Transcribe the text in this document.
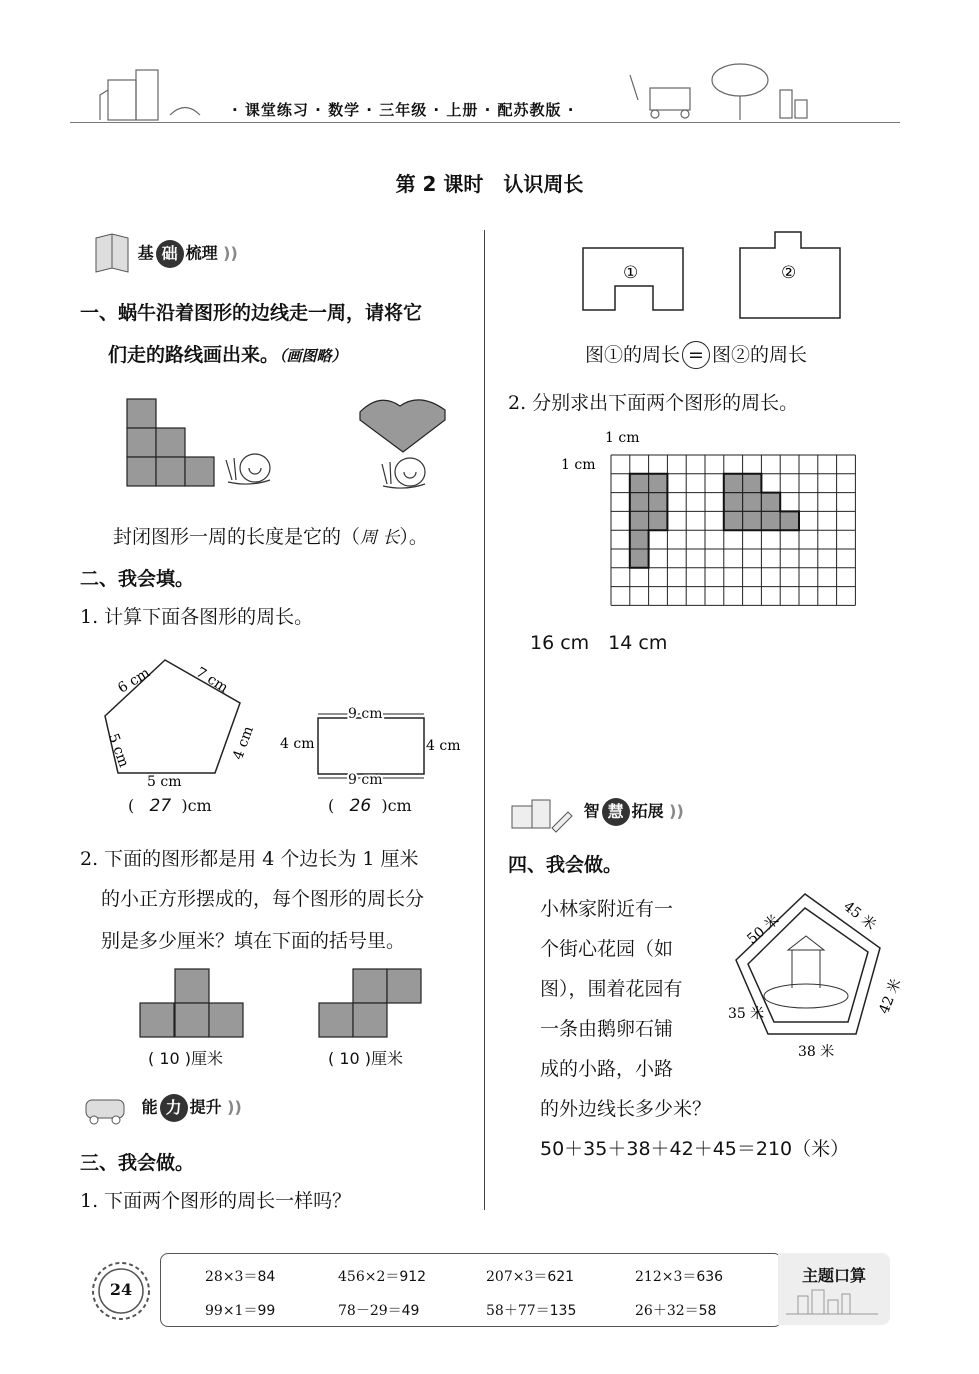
· 课堂练习 · 数学 · 三年级 · 上册 · 配苏教版 ·
第 2 课时　认识周长
基 础 梳理 ))
一、蜗牛沿着图形的边线走一周，请将它
们走的路线画出来。（画图略）
封闭图形一周的长度是它的（周 长）。
二、我会填。
1. 计算下面各图形的周长。
6 cm	7 cm
5 cm	4 cm
5 cm
( 27 )cm
9 cm
9 cm
4 cm	4 cm
( 26 )cm
2. 下面的图形都是用 4 个边长为 1 厘米
的小正方形摆成的，每个图形的周长分
别是多少厘米？填在下面的括号里。
( 10 )厘米	( 10 )厘米
能 力 提升 ))
三、我会做。
1. 下面两个图形的周长一样吗？
①	②
图①的周长 = 图②的周长
2. 分别求出下面两个图形的周长。
1 cm
1 cm
16 cm　14 cm
智 慧 拓展 ))
四、我会做。
小林家附近有一
个街心花园（如
图），围着花园有
一条由鹅卵石铺
成的小路，小路
的外边线长多少米？
50 米	45 米
42 米
38 米
35 米
50＋35＋38＋42＋45＝210（米）
24
主题口算
28×3＝84	456×2＝912	207×3＝621	212×3＝636
99×1＝99	78－29＝49	58＋77＝135	26＋32＝58
